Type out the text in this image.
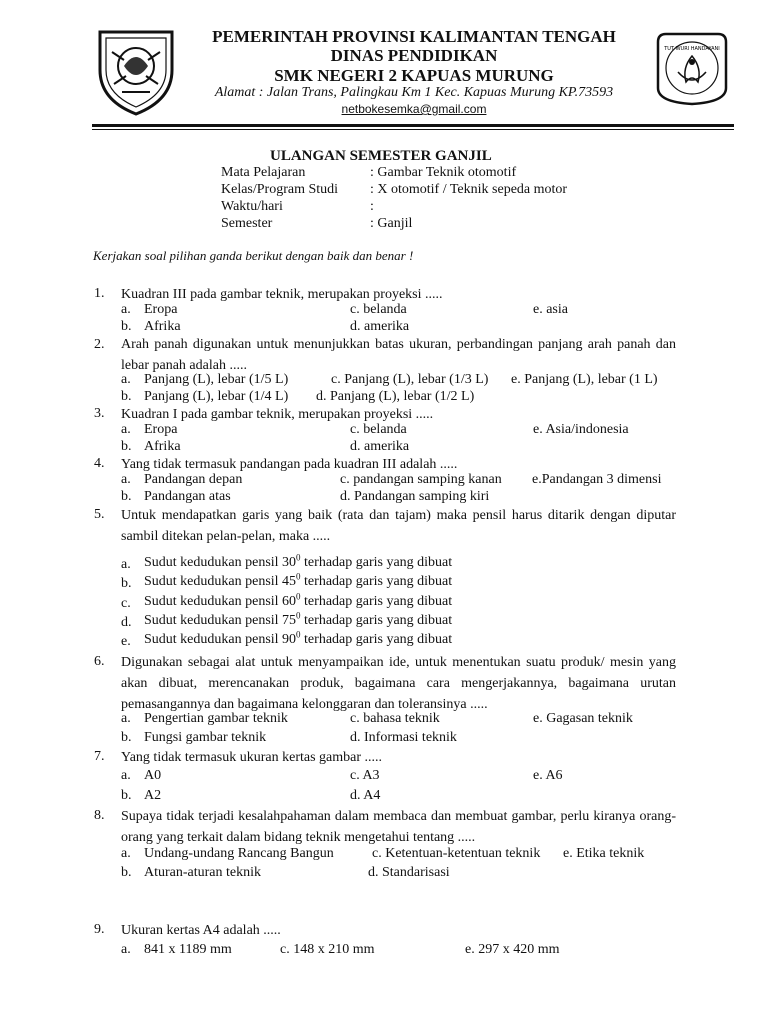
TUT WURI HANDAYANI
PEMERINTAH PROVINSI KALIMANTAN TENGAH
DINAS PENDIDIKAN
SMK NEGERI 2 KAPUAS MURUNG
Alamat : Jalan Trans, Palingkau Km 1 Kec. Kapuas Murung KP.73593
netbokesemka@gmail.com
ULANGAN SEMESTER GANJIL
Mata Pelajaran	: Gambar Teknik otomotif
Kelas/Program Studi : X otomotif / Teknik sepeda motor
Waktu/hari	:
Semester	: Ganjil
Kerjakan soal pilihan ganda berikut dengan baik dan benar !
1. Kuadran III pada gambar teknik, merupakan proyeksi .....
a. Eropa
b. Afrika
c. belanda
d. amerika
e. asia
2. Arah panah digunakan untuk menunjukkan batas ukuran, perbandingan panjang arah panah dan lebar panah adalah .....
a. Panjang (L), lebar (1/5 L)	c. Panjang (L), lebar (1/3 L) e. Panjang (L), lebar (1 L)
b. Panjang (L), lebar (1/4 L) d. Panjang (L), lebar (1/2 L)
3. Kuadran I pada gambar teknik, merupakan proyeksi .....
a. Eropa
b. Afrika
c. belanda
d. amerika
e. Asia/indonesia
4. Yang tidak termasuk pandangan pada kuadran III adalah .....
a. Pandangan depan
b. Pandangan atas
c. pandangan samping kanan
d. Pandangan samping kiri
e.Pandangan 3 dimensi
5. Untuk mendapatkan garis yang baik (rata dan tajam) maka pensil harus ditarik dengan diputar sambil ditekan pelan-pelan, maka .....
a. Sudut kedudukan pensil $30^0$ terhadap garis yang dibuat
b. Sudut kedudukan pensil $45^0$ terhadap garis yang dibuat
c. Sudut kedudukan pensil $60^0$ terhadap garis yang dibuat
d. Sudut kedudukan pensil $75^0$ terhadap garis yang dibuat
e. Sudut kedudukan pensil $90^0$ terhadap garis yang dibuat
6. Digunakan sebagai alat untuk menyampaikan ide, untuk menentukan suatu produk/ mesin yang akan dibuat, merencanakan produk, bagaimana cara mengerjakannya, bagaimana urutan pemasangannya dan bagaimana kelonggaran dan toleransinya .....
a. Pengertian gambar teknik
b. Fungsi gambar teknik
c. bahasa teknik
d. Informasi teknik
e. Gagasan teknik
7. Yang tidak termasuk ukuran kertas gambar .....
a. A0
b. A2
c. A3
d. A4
e. A6
8. Supaya tidak terjadi kesalahpahaman dalam membaca dan membuat gambar, perlu kiranya orang-orang yang terkait dalam bidang teknik mengetahui tentang .....
a. Undang-undang Rancang Bangun	c. Ketentuan-ketentuan teknik e. Etika teknik
b. Aturan-aturan teknik	d. Standarisasi
9. Ukuran kertas A4 adalah .....
a. 841 x 1189 mm	c. 148 x 210 mm	e. 297 x 420 mm
